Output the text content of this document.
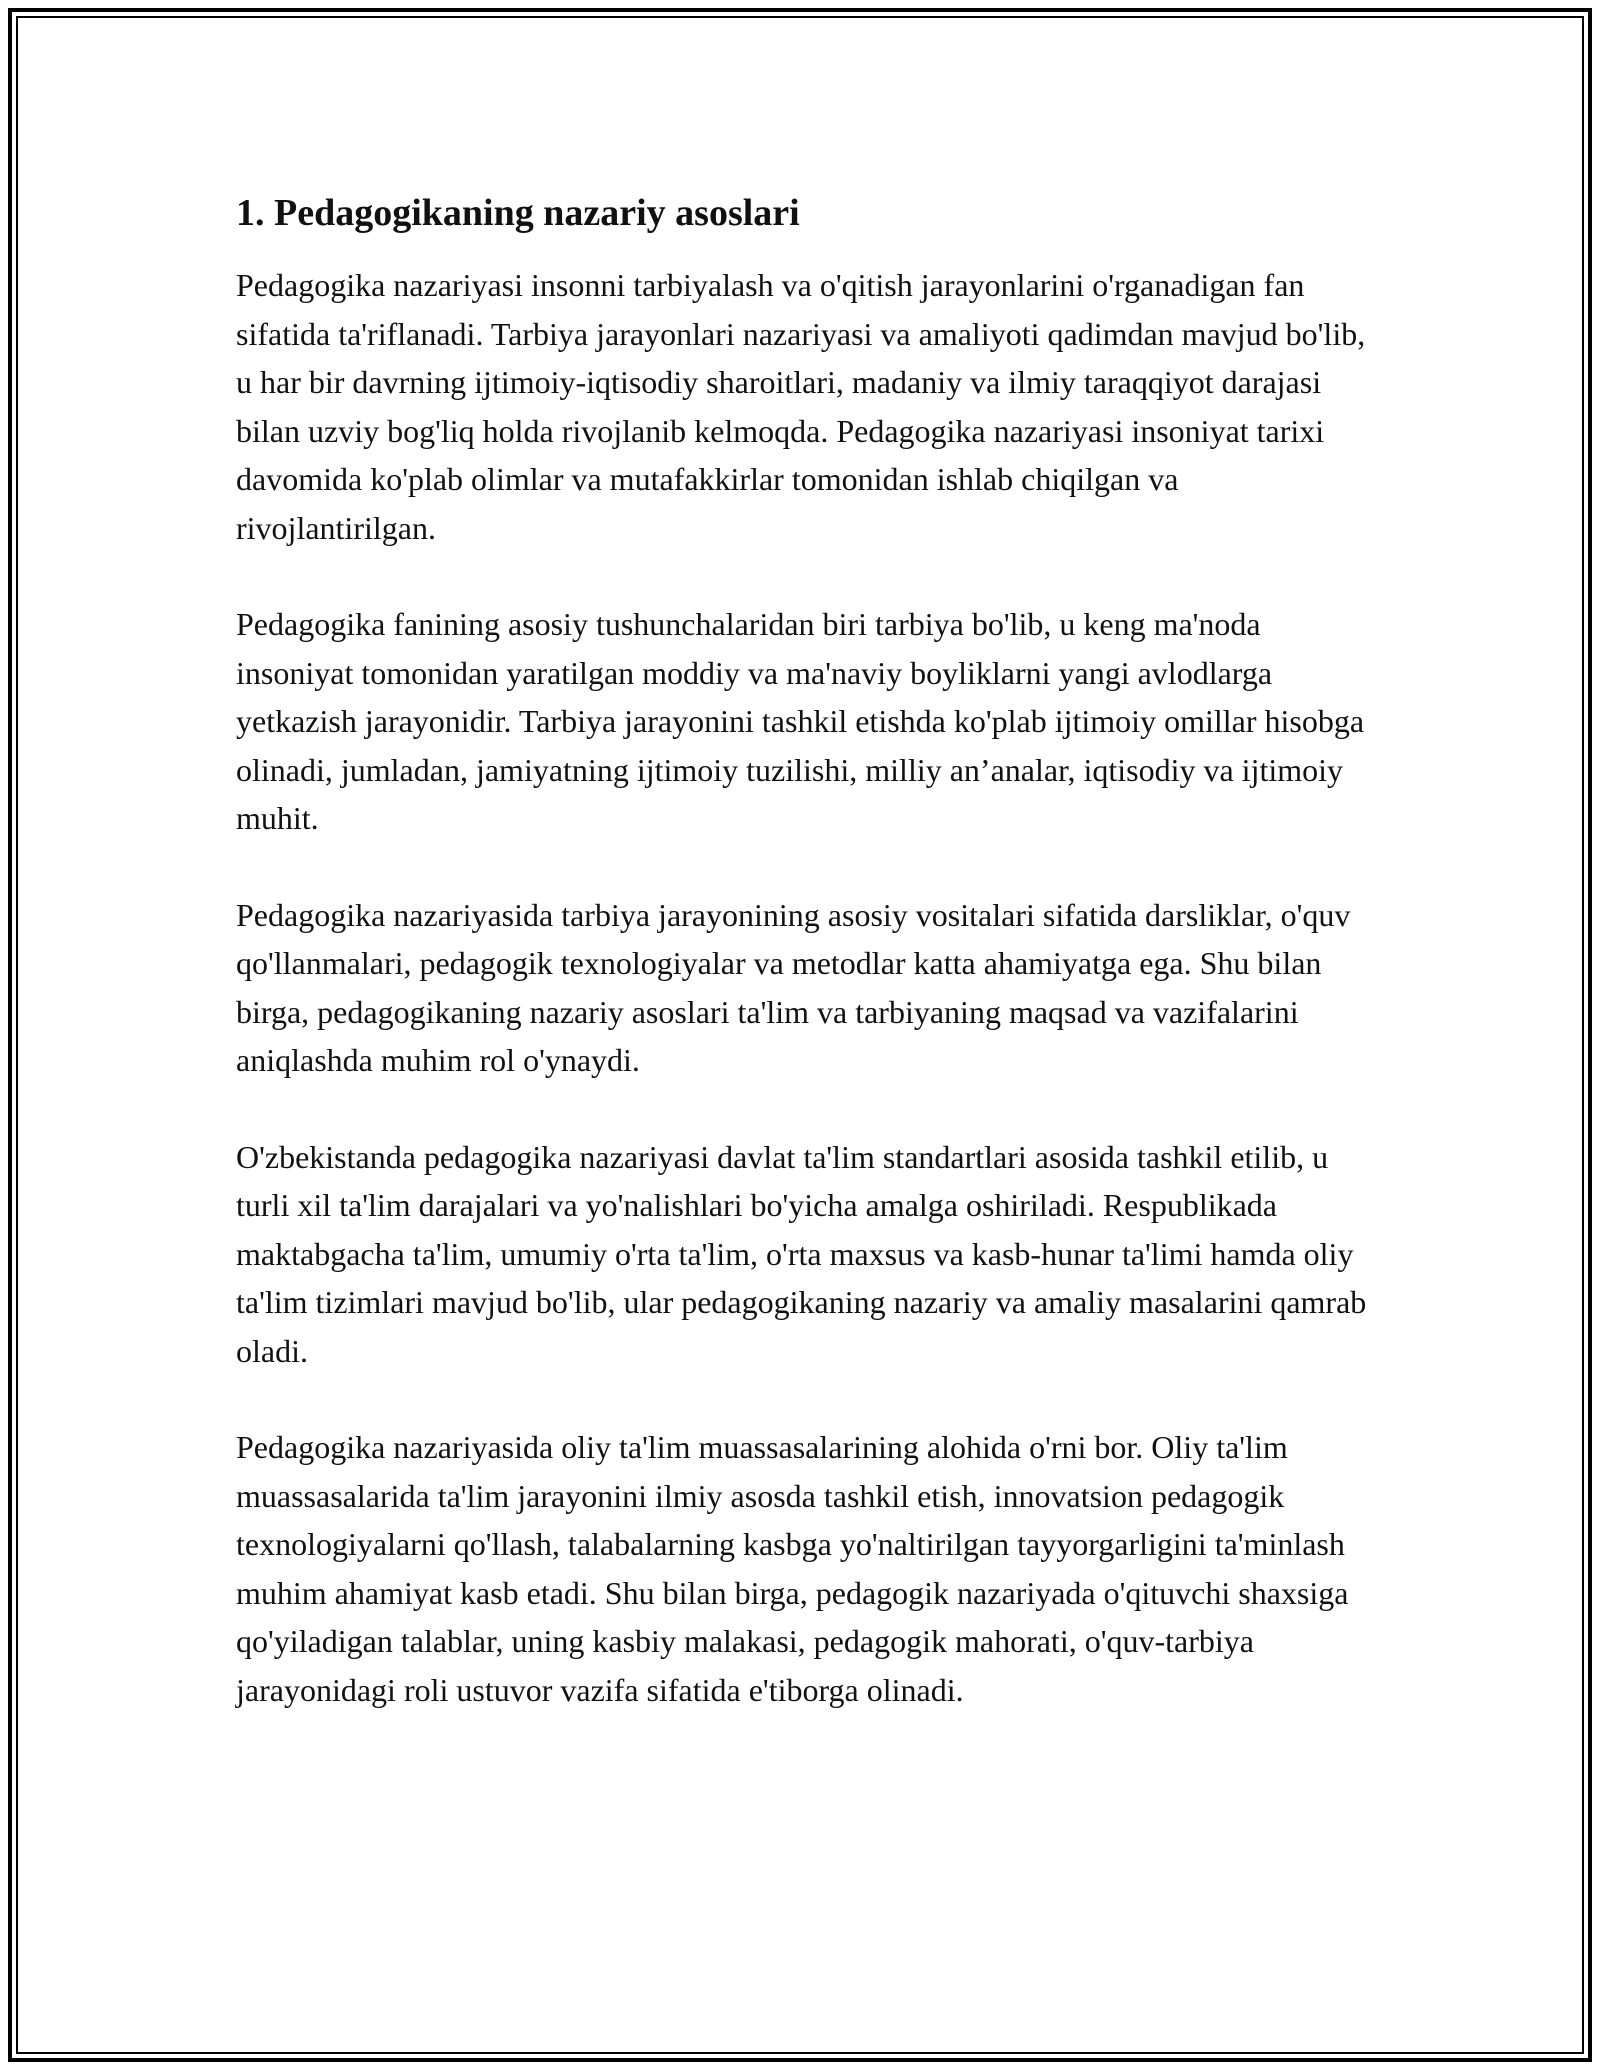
1. Pedagogikaning nazariy asoslari

Pedagogika nazariyasi insonni tarbiyalash va o'qitish jarayonlarini o'rganadigan fan sifatida ta'riflanadi. Tarbiya jarayonlari nazariyasi va amaliyoti qadimdan mavjud bo'lib, u har bir davrning ijtimoiy-iqtisodiy sharoitlari, madaniy va ilmiy taraqqiyot darajasi bilan uzviy bog'liq holda rivojlanib kelmoqda. Pedagogika nazariyasi insoniyat tarixi davomida ko'plab olimlar va mutafakkirlar tomonidan ishlab chiqilgan va rivojlantirilgan.

Pedagogika fanining asosiy tushunchalaridan biri tarbiya bo'lib, u keng ma'noda insoniyat tomonidan yaratilgan moddiy va ma'naviy boyliklarni yangi avlodlarga yetkazish jarayonidir. Tarbiya jarayonini tashkil etishda ko'plab ijtimoiy omillar hisobga olinadi, jumladan, jamiyatning ijtimoiy tuzilishi, milliy an’analar, iqtisodiy va ijtimoiy muhit.

Pedagogika nazariyasida tarbiya jarayonining asosiy vositalari sifatida darsliklar, o'quv qo'llanmalari, pedagogik texnologiyalar va metodlar katta ahamiyatga ega. Shu bilan birga, pedagogikaning nazariy asoslari ta'lim va tarbiyaning maqsad va vazifalarini aniqlashda muhim rol o'ynaydi.

O'zbekistanda pedagogika nazariyasi davlat ta'lim standartlari asosida tashkil etilib, u turli xil ta'lim darajalari va yo'nalishlari bo'yicha amalga oshiriladi. Respublikada maktabgacha ta'lim, umumiy o'rta ta'lim, o'rta maxsus va kasb-hunar ta'limi hamda oliy ta'lim tizimlari mavjud bo'lib, ular pedagogikaning nazariy va amaliy masalarini qamrab oladi.

Pedagogika nazariyasida oliy ta'lim muassasalarining alohida o'rni bor. Oliy ta'lim muassasalarida ta'lim jarayonini ilmiy asosda tashkil etish, innovatsion pedagogik texnologiyalarni qo'llash, talabalarning kasbga yo'naltirilgan tayyorgarligini ta'minlash muhim ahamiyat kasb etadi. Shu bilan birga, pedagogik nazariyada o'qituvchi shaxsiga qo'yiladigan talablar, uning kasbiy malakasi, pedagogik mahorati, o'quv-tarbiya jarayonidagi roli ustuvor vazifa sifatida e'tiborga olinadi.
